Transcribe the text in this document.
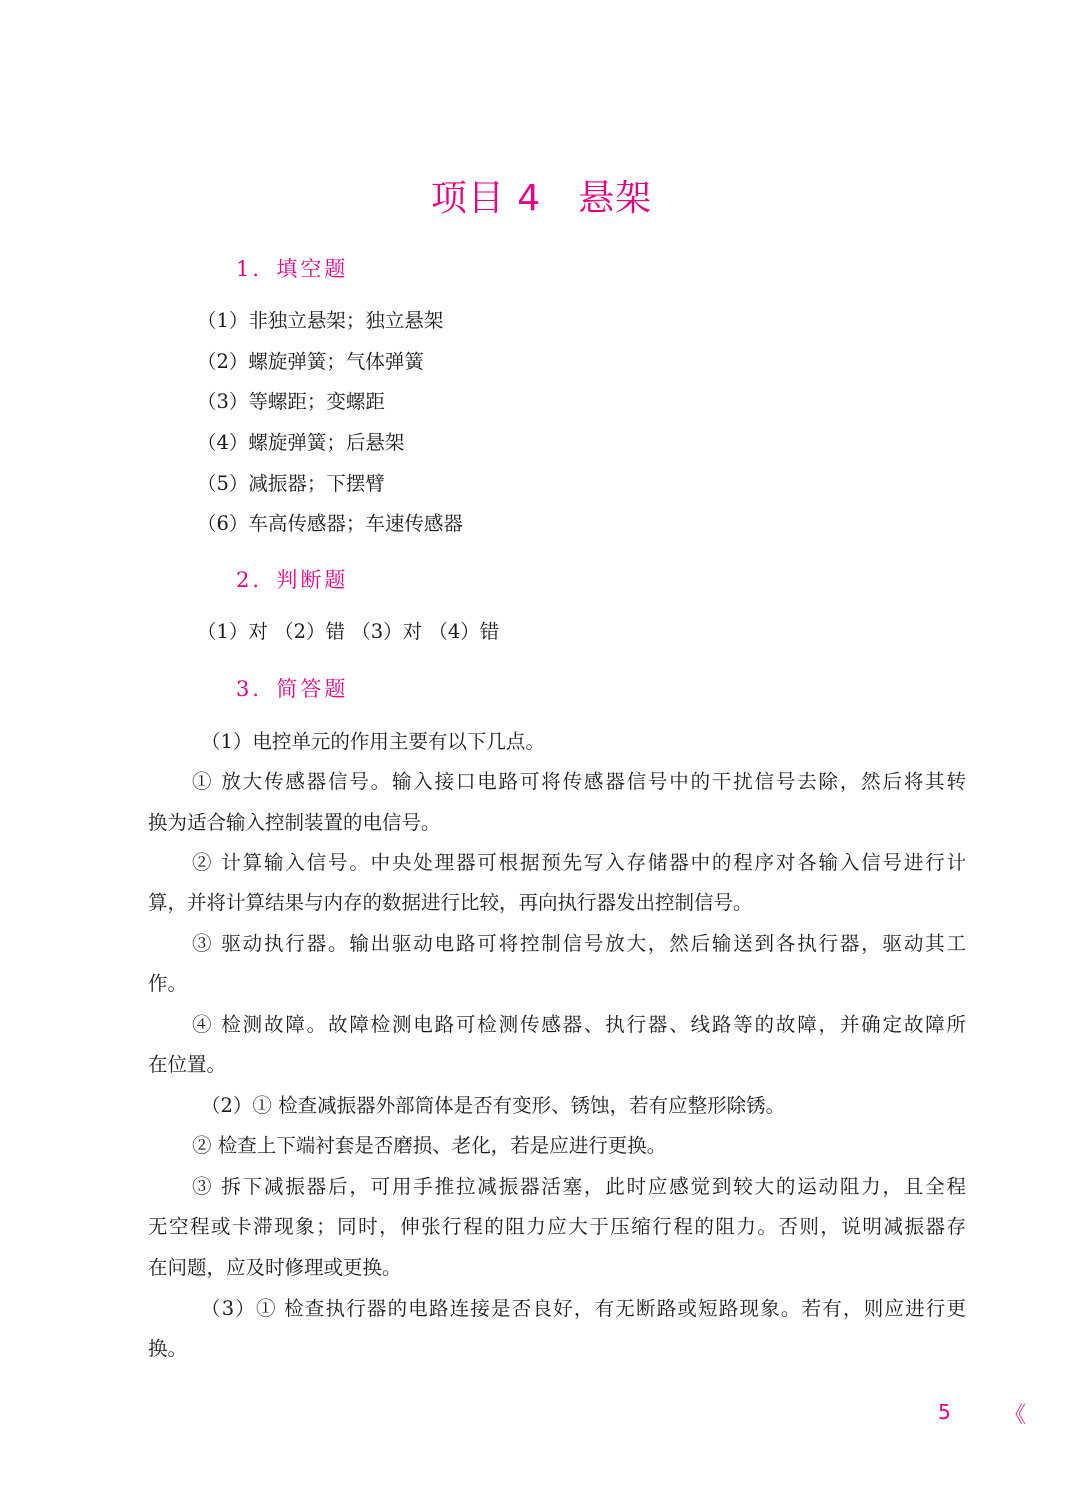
项目 4　悬架
1．填空题
（1）非独立悬架；独立悬架
（2）螺旋弹簧；气体弹簧
（3）等螺距；变螺距
（4）螺旋弹簧；后悬架
（5）减振器；下摆臂
（6）车高传感器；车速传感器
2．判断题
（1）对 （2）错 （3）对 （4）错
3．简答题
（1）电控单元的作用主要有以下几点。
① 放大传感器信号。输入接口电路可将传感器信号中的干扰信号去除，然后将其转
换为适合输入控制装置的电信号。
② 计算输入信号。中央处理器可根据预先写入存储器中的程序对各输入信号进行计
算，并将计算结果与内存的数据进行比较，再向执行器发出控制信号。
③ 驱动执行器。输出驱动电路可将控制信号放大，然后输送到各执行器，驱动其工
作。
④ 检测故障。故障检测电路可检测传感器、执行器、线路等的故障，并确定故障所
在位置。
（2）① 检查减振器外部筒体是否有变形、锈蚀，若有应整形除锈。
② 检查上下端衬套是否磨损、老化，若是应进行更换。
③ 拆下减振器后，可用手推拉减振器活塞，此时应感觉到较大的运动阻力，且全程
无空程或卡滞现象；同时，伸张行程的阻力应大于压缩行程的阻力。否则，说明减振器存
在问题，应及时修理或更换。
（3）① 检查执行器的电路连接是否良好，有无断路或短路现象。若有，则应进行更
换。
5 《
